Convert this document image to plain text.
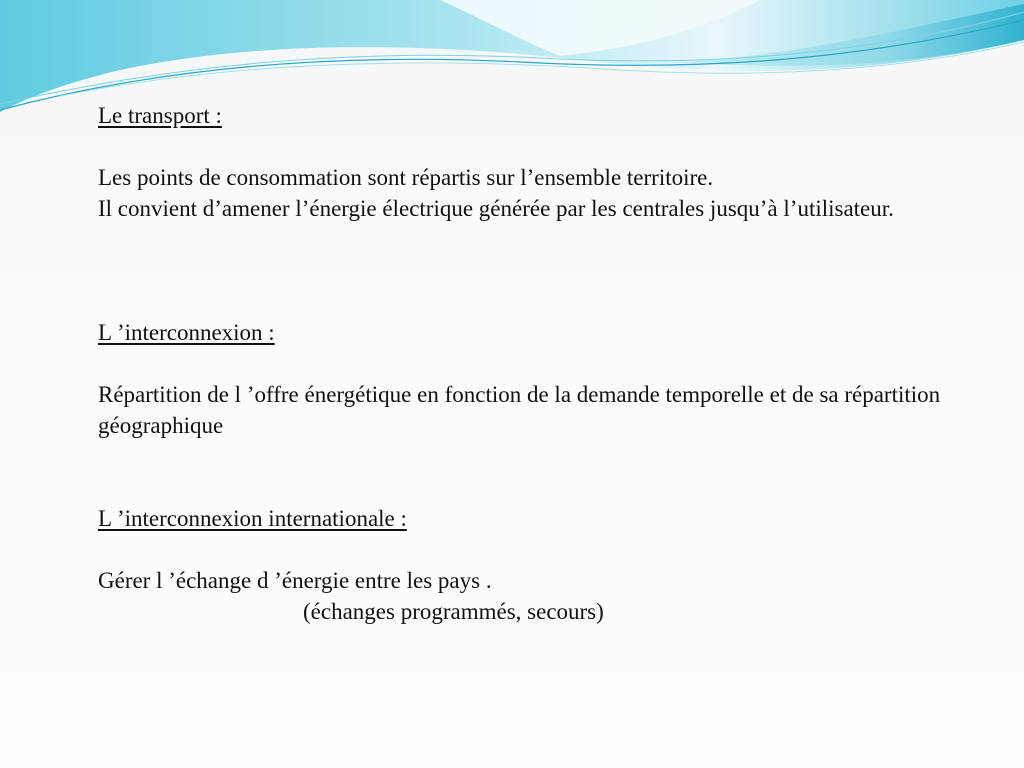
Le transport :

Les points de consommation sont répartis sur l’ensemble territoire.

Il convient d’amener l’énergie électrique générée par les centrales jusqu’à l’utilisateur.

L ’interconnexion :

Répartition de l ’offre énergétique en fonction de la demande temporelle et de sa répartition géographique

L ’interconnexion internationale :

Gérer l ’échange d ’énergie entre les pays .

(échanges programmés, secours)
